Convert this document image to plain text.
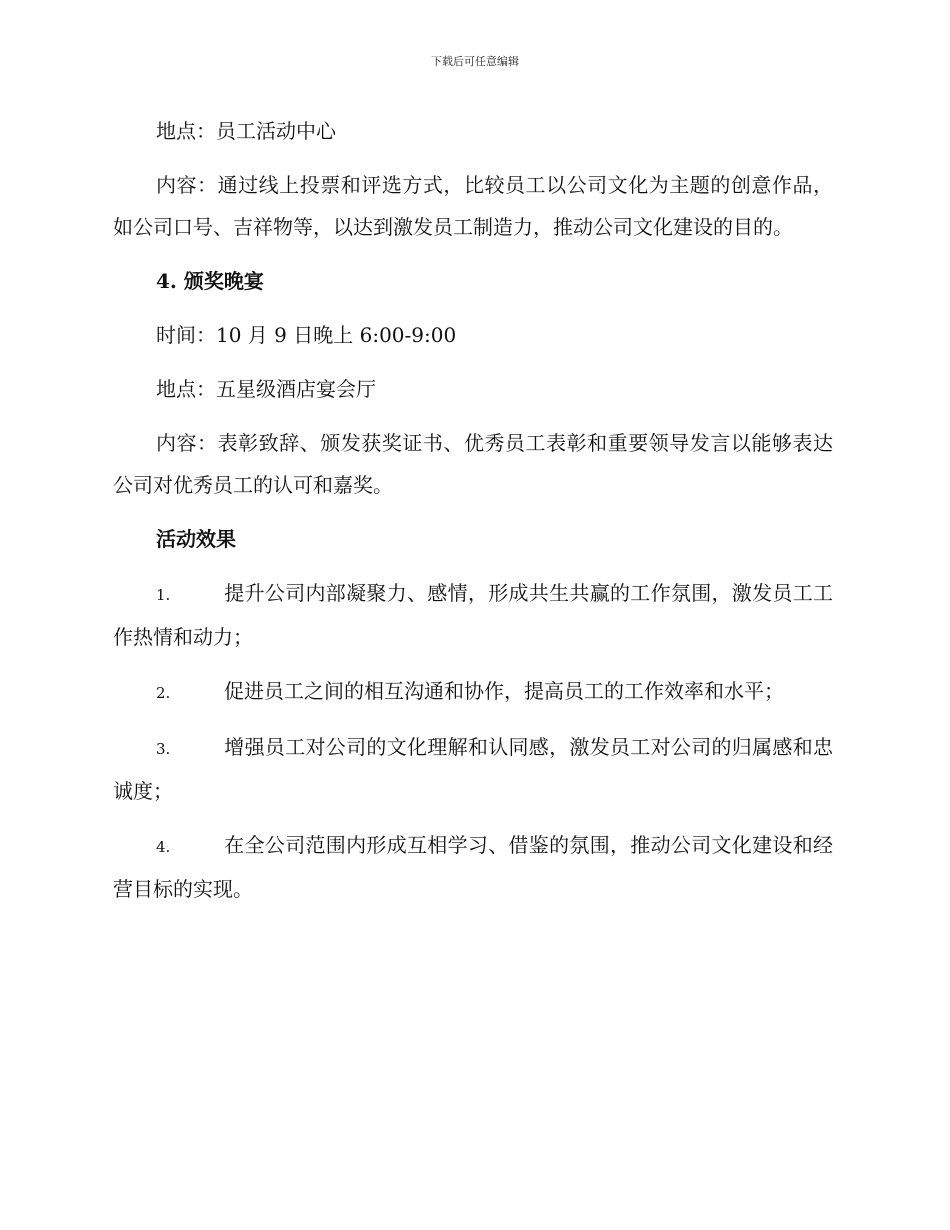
下载后可任意编辑

地点：员工活动中心

内容：通过线上投票和评选方式，比较员工以公司文化为主题的创意作品，如公司口号、吉祥物等，以达到激发员工制造力，推动公司文化建设的目的。

4. 颁奖晚宴

时间：10 月 9 日晚上 6:00-9:00

地点：五星级酒店宴会厅

内容：表彰致辞、颁发获奖证书、优秀员工表彰和重要领导发言以能够表达公司对优秀员工的认可和嘉奖。

活动效果

1.	提升公司内部凝聚力、感情，形成共生共赢的工作氛围，激发员工工作热情和动力；

2.	促进员工之间的相互沟通和协作，提高员工的工作效率和水平；

3.	增强员工对公司的文化理解和认同感，激发员工对公司的归属感和忠诚度；

4.	在全公司范围内形成互相学习、借鉴的氛围，推动公司文化建设和经营目标的实现。
